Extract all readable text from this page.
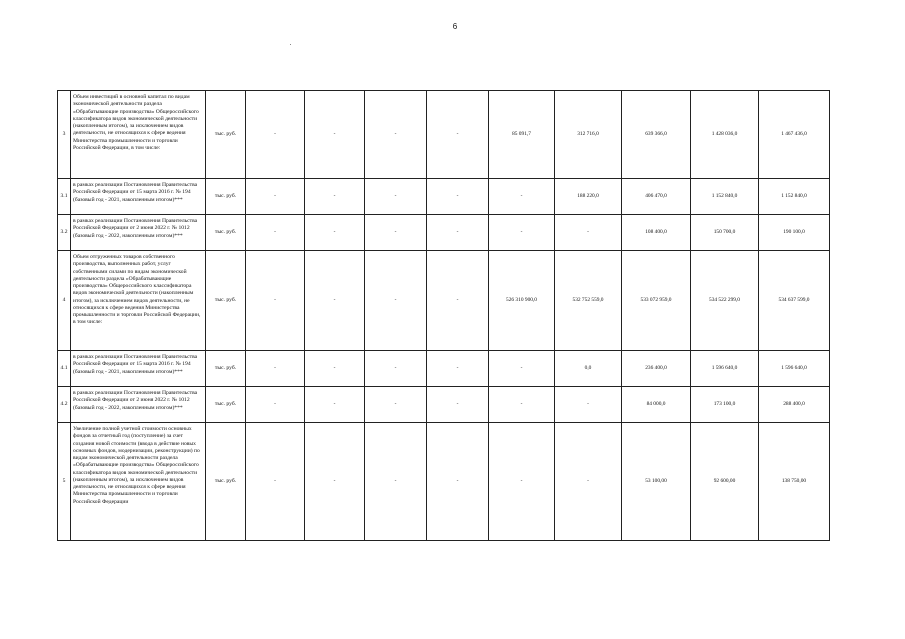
6
3	Объем инвестиций в основной капитал по видам экономической деятельности раздела «Обрабатывающие производства» Общероссийского классификатора видов экономической деятельности (накопленным итогом), за исключением видов деятельности, не относящихся к сфере ведения Министерства промышленности и торговли Российской Федерации, в том числе:	тыс. руб.	-	-	-	-	85 091,7	312 716,0	639 366,0	1 428 036,0	1 467 436,0
3.1	в рамках реализации Постановления Правительства Российской Федерации от 15 марта 2016 г. № 194 (базовый год - 2021, накопленным итогом)***	тыс. руб.	-	-	-	-	-	188 220,0	406 470,0	1 152 840,0	1 152 840,0
3.2	в рамках реализации Постановления Правительства Российской Федерации от 2 июня 2022 г. № 1012 (базовый год - 2022, накопленным итогом)***	тыс. руб.	-	-	-	-	-	-	108 400,0	150 700,0	190 100,0
4	Объем отгруженных товаров собственного производства, выполненных работ, услуг собственными силами по видам экономической деятельности раздела «Обрабатывающие производства» Общероссийского классификатора видов экономической деятельности (накопленным итогом), за исключением видов деятельности, не относящихся к сфере ведения Министерства промышленности и торговли Российской Федерации, в том числе:	тыс. руб.	-	-	-	-	526 310 900,0	532 752 559,0	533 072 959,0	534 522 299,0	534 637 599,0
4.1	в рамках реализации Постановления Правительства Российской Федерации от 15 марта 2016 г. № 194 (базовый год - 2021, накопленным итогом)***	тыс. руб.	-	-	-	-	-	0,0	236 400,0	1 596 640,0	1 596 640,0
4.2	в рамках реализации Постановления Правительства Российской Федерации от 2 июня 2022 г. № 1012 (базовый год - 2022, накопленным итогом)***	тыс. руб.	-	-	-	-	-	-	84 000,0	173 100,0	288 400,0
5	Увеличение полной учетной стоимости основных фондов за отчетный год (поступление) за счет создания новой стоимости (ввода в действие новых основных фондов, модернизации, реконструкции) по видам экономической деятельности раздела «Обрабатывающие производства» Общероссийского классификатора видов экономической деятельности (накопленным итогом), за исключением видов деятельности, не относящихся к сфере ведения Министерства промышленности и торговли Российской Федерации	тыс. руб.	-	-	-	-	-	-	53 100,00	92 600,00	138 750,00
